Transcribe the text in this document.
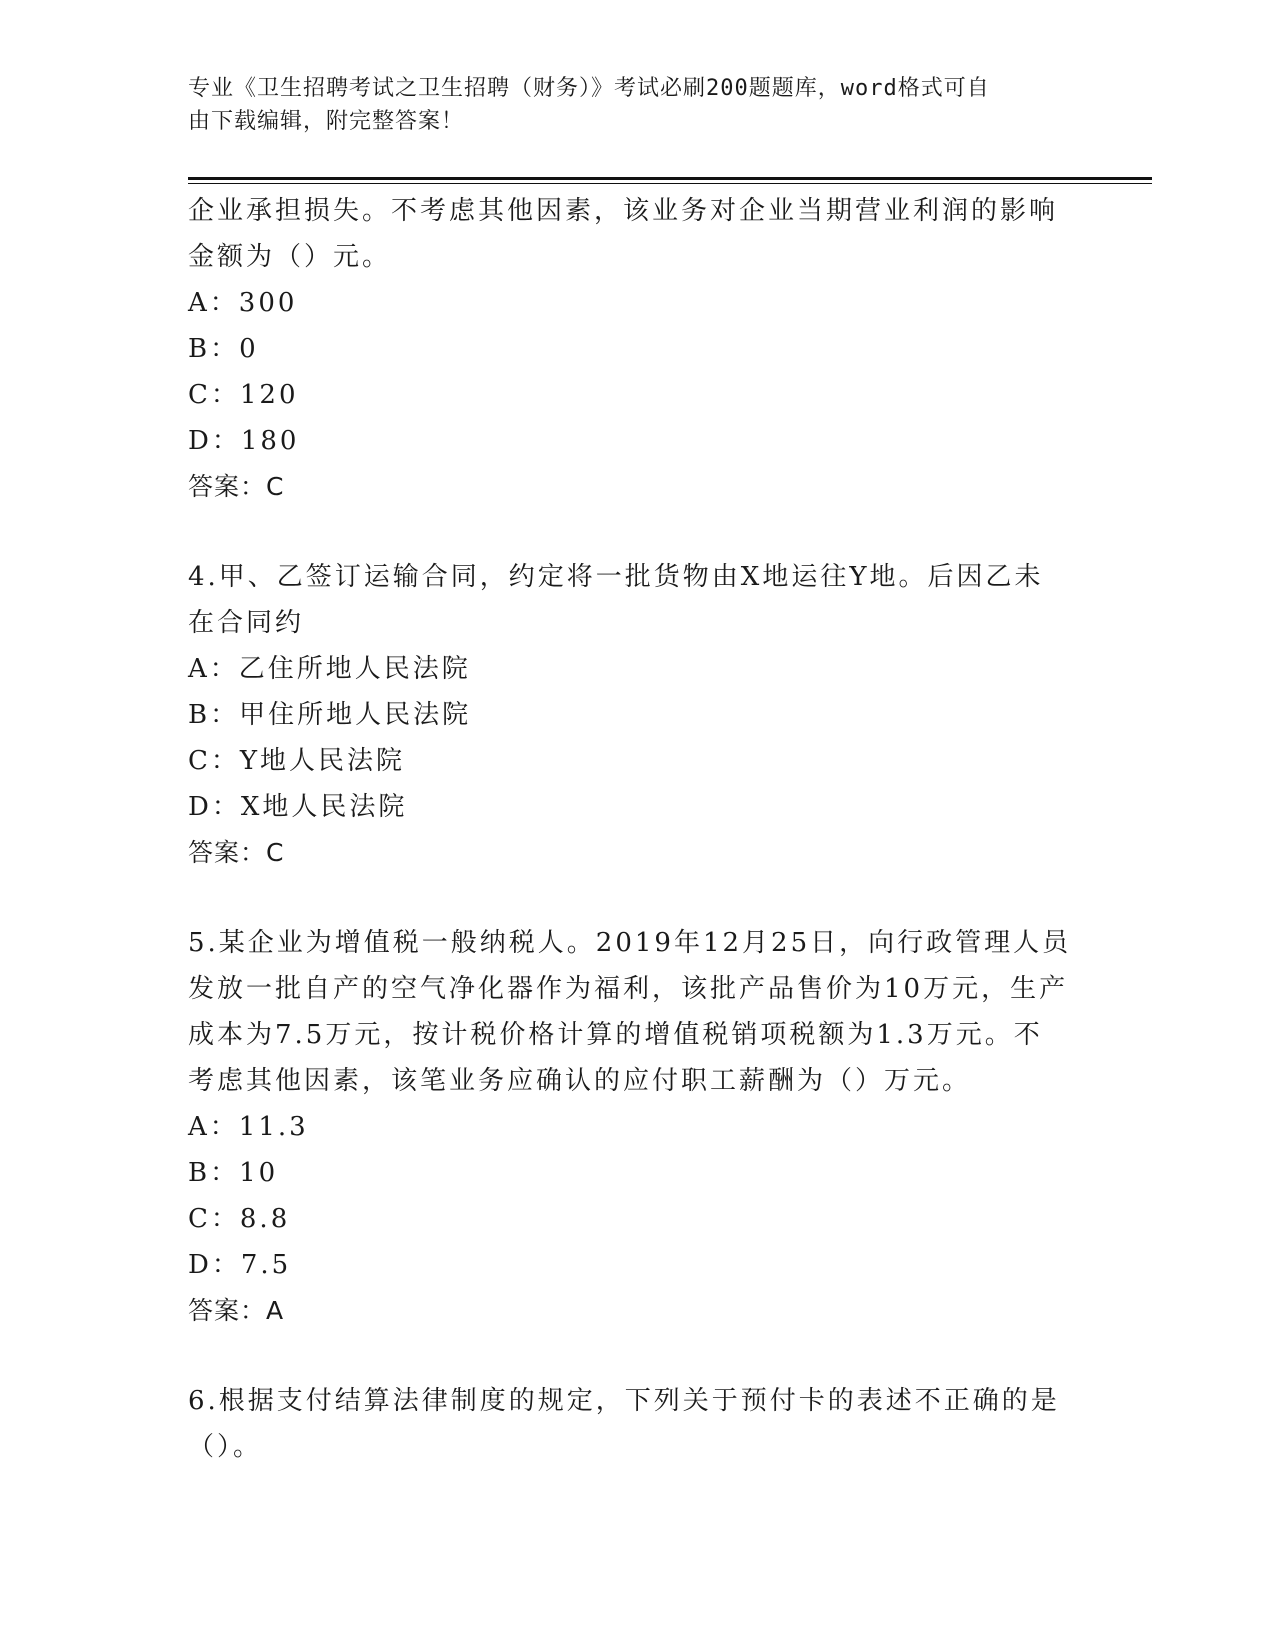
专业《卫生招聘考试之卫生招聘（财务）》考试必刷200题题库，word格式可自
由下载编辑，附完整答案！
企业承担损失。不考虑其他因素，该业务对企业当期营业利润的影响
金额为（）元。
A：300
B：0
C：120
D：180
答案：C
4.甲、乙签订运输合同，约定将一批货物由X地运往Y地。后因乙未
在合同约
A：乙住所地人民法院
B：甲住所地人民法院
C：Y地人民法院
D：X地人民法院
答案：C
5.某企业为增值税一般纳税人。2019年12月25日，向行政管理人员
发放一批自产的空气净化器作为福利，该批产品售价为10万元，生产
成本为7.5万元，按计税价格计算的增值税销项税额为1.3万元。不
考虑其他因素，该笔业务应确认的应付职工薪酬为（）万元。
A：11.3
B：10
C：8.8
D：7.5
答案：A
6.根据支付结算法律制度的规定，下列关于预付卡的表述不正确的是
（）。
